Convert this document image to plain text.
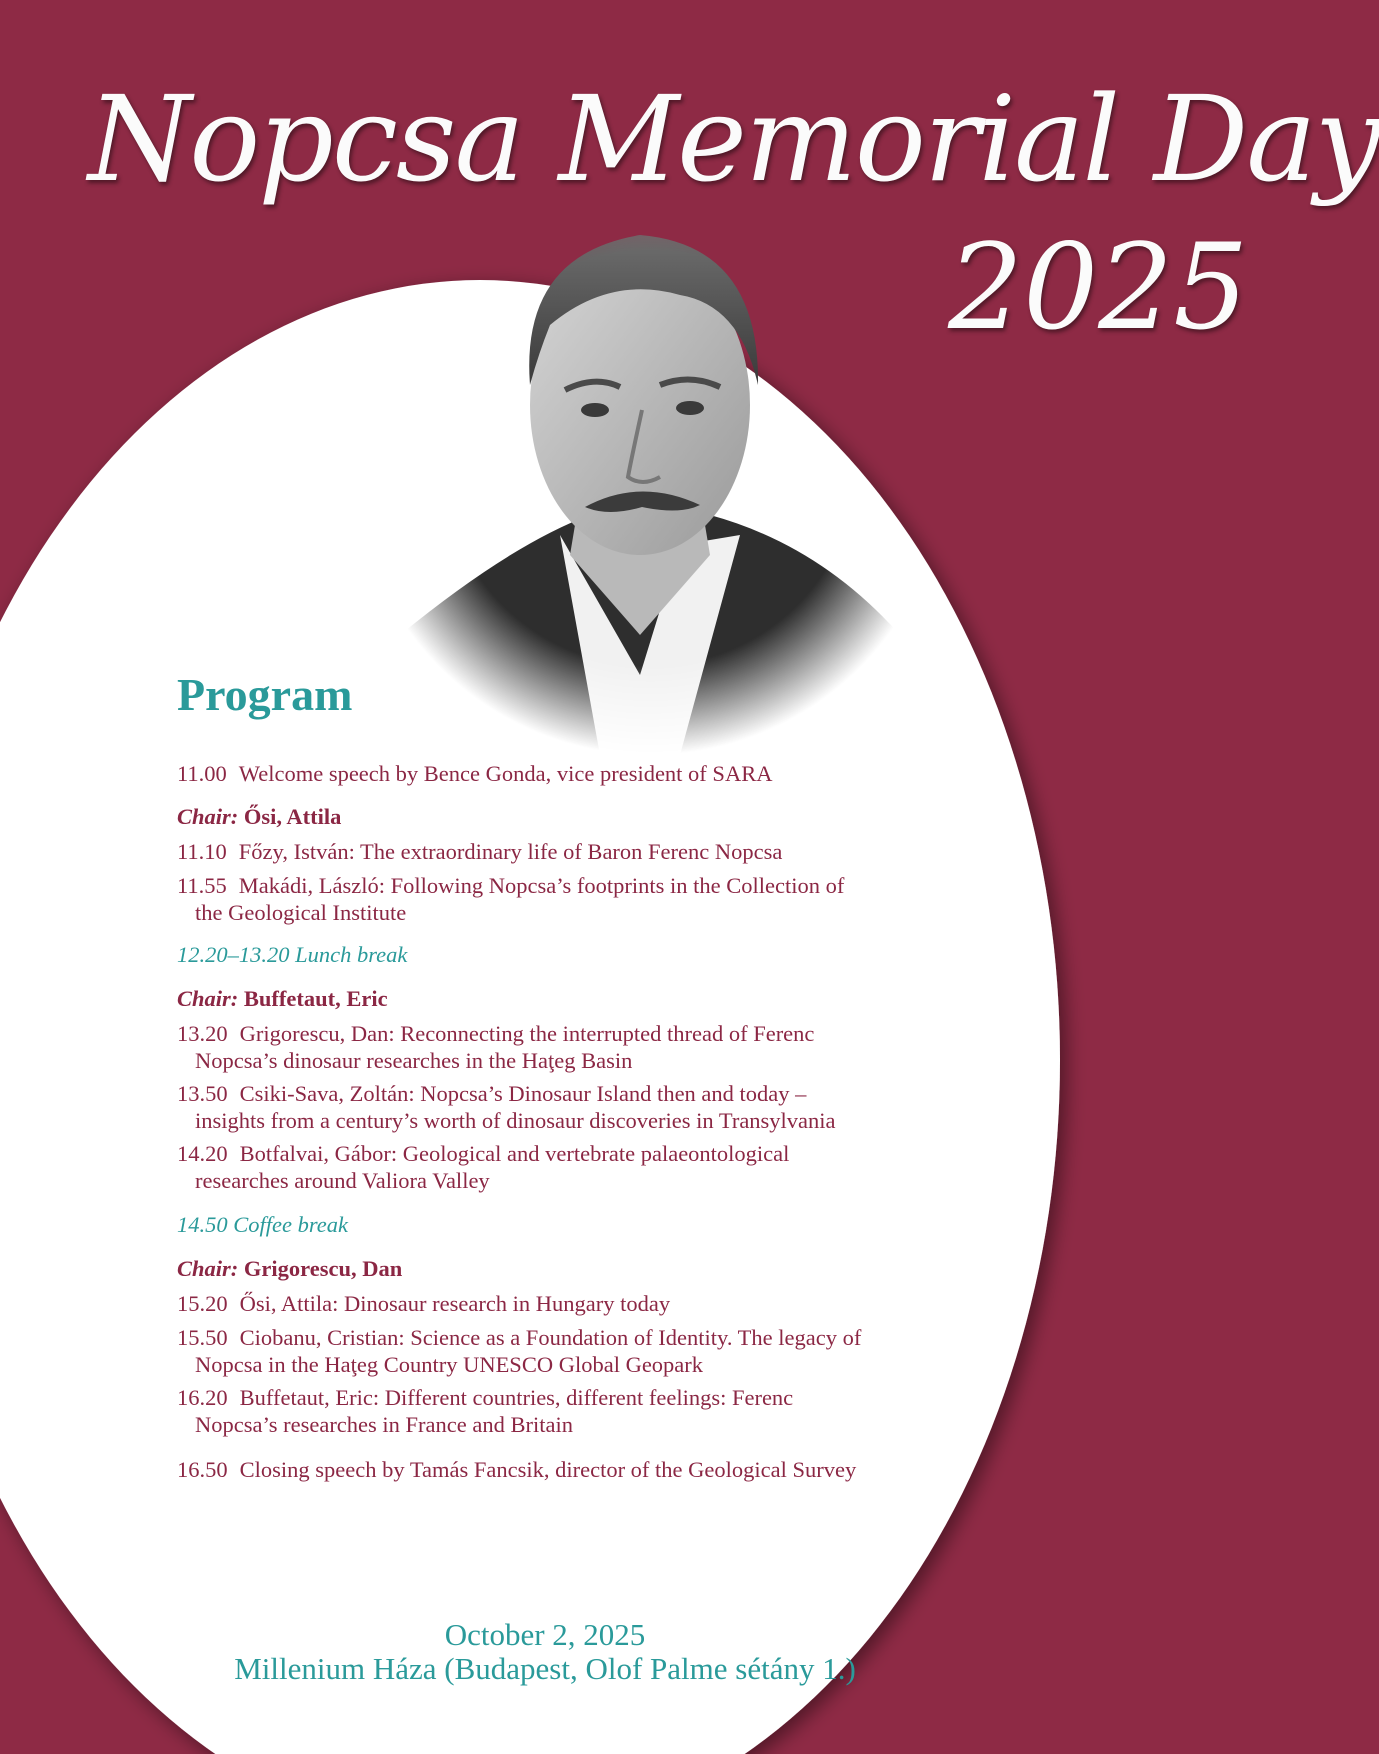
Nopcsa Memorial Day
2025
Program
11.00 Welcome speech by Bence Gonda, vice president of SARA
Chair: Ősi, Attila
11.10 Főzy, István: The extraordinary life of Baron Ferenc Nopcsa
11.55 Makádi, László: Following Nopcsa’s footprints in the Collection of
the Geological Institute
12.20–13.20 Lunch break
Chair: Buffetaut, Eric
13.20 Grigorescu, Dan: Reconnecting the interrupted thread of Ferenc
Nopcsa’s dinosaur researches in the Haţeg Basin
13.50 Csiki-Sava, Zoltán: Nopcsa’s Dinosaur Island then and today –
insights from a century’s worth of dinosaur discoveries in Transylvania
14.20 Botfalvai, Gábor: Geological and vertebrate palaeontological
researches around Valiora Valley
14.50 Coffee break
Chair: Grigorescu, Dan
15.20 Ősi, Attila: Dinosaur research in Hungary today
15.50 Ciobanu, Cristian: Science as a Foundation of Identity. The legacy of
Nopcsa in the Haţeg Country UNESCO Global Geopark
16.20 Buffetaut, Eric: Different countries, different feelings: Ferenc
Nopcsa’s researches in France and Britain
16.50 Closing speech by Tamás Fancsik, director of the Geological Survey
October 2, 2025
Millenium Háza (Budapest, Olof Palme sétány 1.)
